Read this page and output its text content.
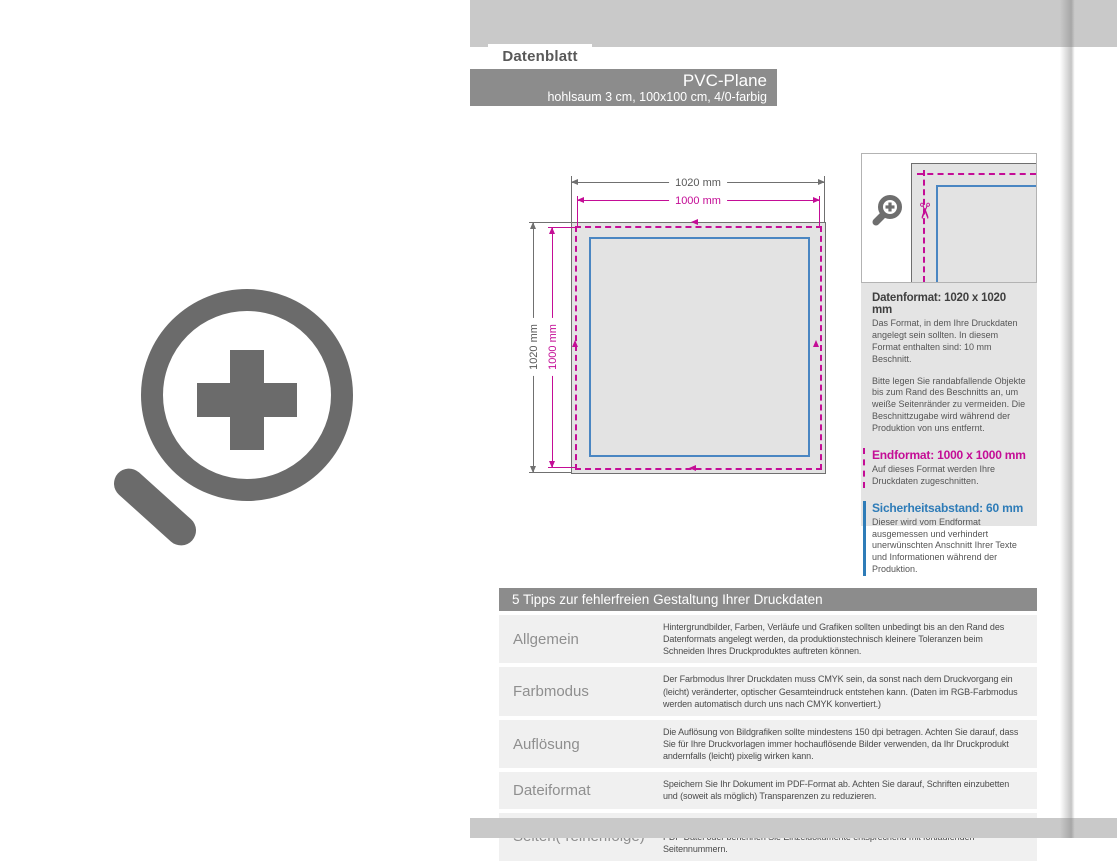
Datenblatt
PVC-Plane
hohlsaum 3 cm, 100x100 cm, 4/0-farbig
1020 mm
1000 mm
1020 mm 1000 mm
✂

Datenformat: 1020 x 1020 mm

Das Format, in dem Ihre Druckdaten angelegt sein sollten. In diesem Format enthalten sind: 10 mm Beschnitt.

Bitte legen Sie randabfallende Objekte bis zum Rand des Beschnitts an, um weiße Seitenränder zu vermeiden. Die Beschnittzugabe wird während der Produktion von uns entfernt.

Endformat: 1000 x 1000 mm

Auf dieses Format werden Ihre Druckdaten zugeschnitten.

Sicherheitsabstand: 60 mm

Dieser wird vom Endformat ausgemessen und verhindert unerwünschten Anschnitt Ihrer Texte und Informationen während der Produktion.

5 Tipps zur fehlerfreien Gestaltung Ihrer Druckdaten
Allgemein
Hintergrundbilder, Farben, Verläufe und Grafiken sollten unbedingt bis an den Rand des Datenformats angelegt werden, da produktionstechnisch kleinere Toleranzen beim Schneiden Ihres Druckproduktes auftreten können.
Farbmodus
Der Farbmodus Ihrer Druckdaten muss CMYK sein, da sonst nach dem Druckvorgang ein (leicht) veränderter, optischer Gesamteindruck entstehen kann. (Daten im RGB-Farbmodus werden automatisch durch uns nach CMYK konvertiert.)
Auflösung
Die Auflösung von Bildgrafiken sollte mindestens 150 dpi betragen. Achten Sie darauf, dass Sie für Ihre Druckvorlagen immer hochauflösende Bilder verwenden, da Ihr Druckprodukt andernfalls (leicht) pixelig wirken kann.
Dateiformat	Speichern Sie Ihr Dokument im PDF-Format ab. Achten Sie darauf, Schriften einzubetten und (soweit als möglich) Transparenzen zu reduzieren.
Seitennummern.
